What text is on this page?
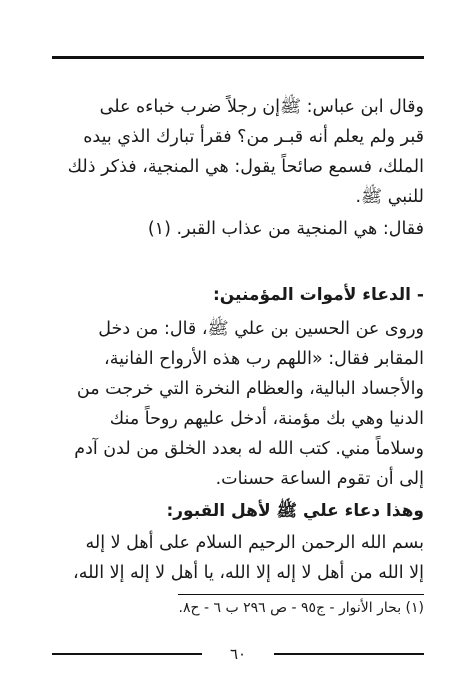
وقال ابن عباس: ﷺإن رجلاً ضرب خباءه على
قبر ولم يعلم أنه قبـر من؟ فقرأ تبارك الذي بيده
الملك، فسمع صائحاً يقول: هي المنجية، فذكر ذلك
للنبي ﷺ.
فقال: هي المنجية من عذاب القبر. (١)
- الدعاء لأموات المؤمنين:
وروى عن الحسين بن علي ﷺ، قال: من دخل
المقابر فقال: «اللهم رب هذه الأرواح الفانية،
والأجساد البالية، والعظام النخرة التي خرجت من
الدنيا وهي بك مؤمنة، أدخل عليهم روحاً منك
وسلاماً مني. كتب الله له بعدد الخلق من لدن آدم
إلى أن تقوم الساعة حسنات.
وهذا دعاء علي ﷺ لأهل القبور:
بسم الله الرحمن الرحيم السلام على أهل لا إله
إلا الله من أهل لا إله إلا الله، يا أهل لا إله إلا الله،
(١) بحار الأنوار - ج٩٥ - ص ٢٩٦ ب ٦ - ح٨.
٦٠
